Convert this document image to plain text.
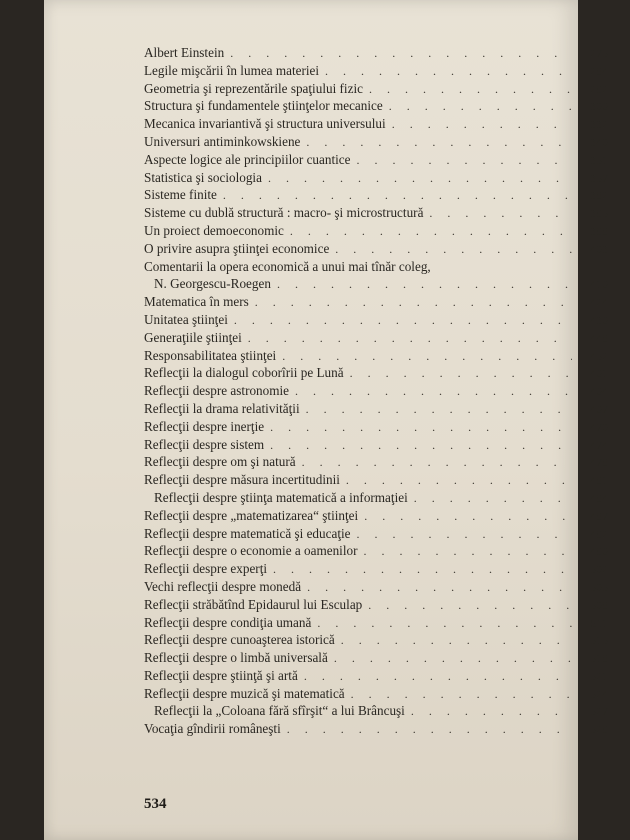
Albert Einstein . . .	275
Legile mişcării în lumea materiei . . .	284
Geometria şi reprezentările spaţiului fizic . . .	292
Structura şi fundamentele ştiinţelor mecanice . . .	306
Mecanica invariantivă şi structura universului . . .	332
Universuri antiminkowskiene . . .	340
Aspecte logice ale principiilor cuantice . . .	351
Statistica şi sociologia . . .	357
Sisteme finite . . .	382
Sisteme cu dublă structură : macro- şi microstructură . . .	395
Un proiect demoeconomic . . .	398
O privire asupra ştiinţei economice . . .	403
Comentarii la opera economică a unui mai tînăr coleg,
N. Georgescu-Roegen . . .	416
Matematica în mers . . .	424
Unitatea ştiinţei . . .	436
Generaţiile ştiinţei . . .	448
Responsabilitatea ştiinţei . . .	452
Reflecţii la dialogul coborîrii pe Lună . . .	461
Reflecţii despre astronomie . . .	464
Reflecţii la drama relativităţii . . .	467
Reflecţii despre inerţie . . .	470
Reflecţii despre sistem . . .	474
Reflecţii despre om şi natură . . .	478
Reflecţii despre măsura incertitudinii . . .	481
Reflecţii despre ştiinţa matematică a informaţiei . . .	484
Reflecţii despre „matematizarea“ ştiinţei . . .	487
Reflecţii despre matematică şi educaţie . . .	492
Reflecţii despre o economie a oamenilor . . .	496
Reflecţii despre experţi . . .	502
Vechi reflecţii despre monedă . . .	505
Reflecţii străbătînd Epidaurul lui Esculap . . .	508
Reflecţii despre condiţia umană . . .	511
Reflecţii despre cunoaşterea istorică . . .	515
Reflecţii despre o limbă universală . . .	518
Reflecţii despre ştiinţă şi artă . . .	521
Reflecţii despre muzică şi matematică . . .	524
Reflecţii la „Coloana fără sfîrşit“ a lui Brâncuşi . . .	527
Vocaţia gîndirii româneşti . . .	529
534
